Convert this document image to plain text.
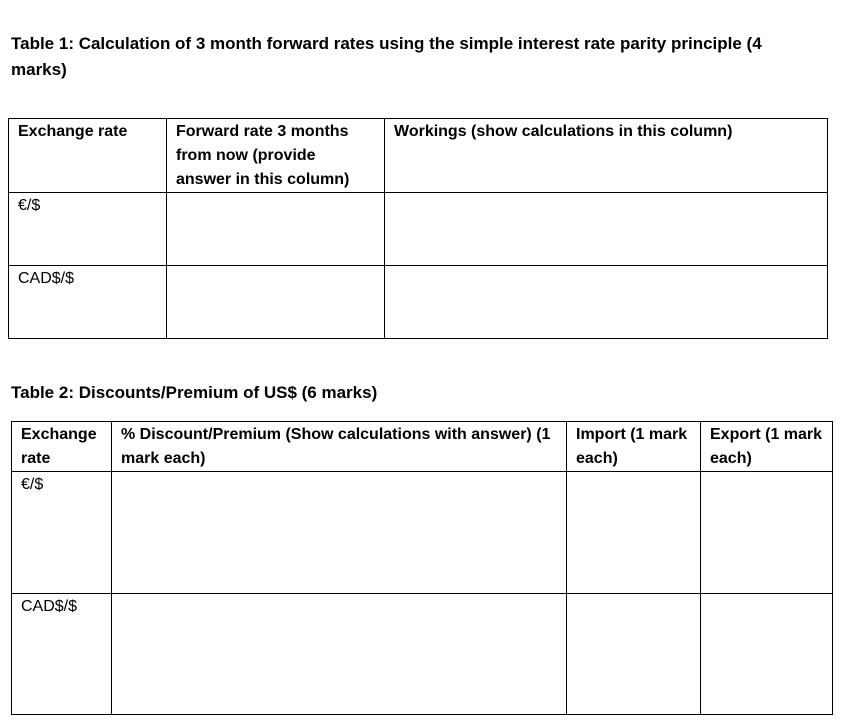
Table 1: Calculation of 3 month forward rates using the simple interest rate parity principle (4 marks)

Exchange rate	Forward rate 3 months from now (provide answer in this column)	Workings (show calculations in this column)
€/$		
CAD$/$		

Table 2: Discounts/Premium of US$ (6 marks)

Exchange rate	% Discount/Premium (Show calculations with answer) (1 mark each)	Import (1 mark each)	Export (1 mark each)
€/$			
CAD$/$			
